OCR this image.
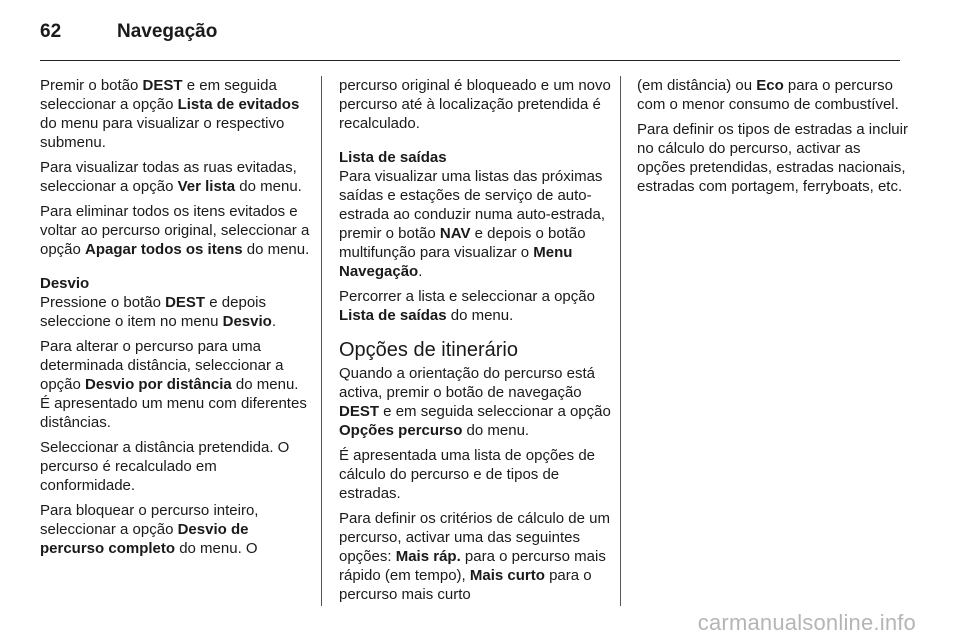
62	Navegação

Premir o botão DEST e em seguida seleccionar a opção Lista de evitados do menu para visualizar o respectivo submenu.

Para visualizar todas as ruas evitadas, seleccionar a opção Ver lista do menu.

Para eliminar todos os itens evitados e voltar ao percurso original, seleccionar a opção Apagar todos os itens do menu.

Desvio

Pressione o botão DEST e depois seleccione o item no menu Desvio.

Para alterar o percurso para uma determinada distância, seleccionar a opção Desvio por distância do menu. É apresentado um menu com diferentes distâncias.

Seleccionar a distância pretendida. O percurso é recalculado em conformidade.

Para bloquear o percurso inteiro, seleccionar a opção Desvio de percurso completo do menu. O

percurso original é bloqueado e um novo percurso até à localização pretendida é recalculado.

Lista de saídas

Para visualizar uma listas das próximas saídas e estações de serviço de auto-estrada ao conduzir numa auto-estrada, premir o botão NAV e depois o botão multifunção para visualizar o Menu Navegação.

Percorrer a lista e seleccionar a opção Lista de saídas do menu.

Opções de itinerário

Quando a orientação do percurso está activa, premir o botão de navegação DEST e em seguida seleccionar a opção Opções percurso do menu.

É apresentada uma lista de opções de cálculo do percurso e de tipos de estradas.

Para definir os critérios de cálculo de um percurso, activar uma das seguintes opções: Mais ráp. para o percurso mais rápido (em tempo), Mais curto para o percurso mais curto

(em distância) ou Eco para o percurso com o menor consumo de combustível.

Para definir os tipos de estradas a incluir no cálculo do percurso, activar as opções pretendidas, estradas nacionais, estradas com portagem, ferryboats, etc.

carmanualsonline.info
